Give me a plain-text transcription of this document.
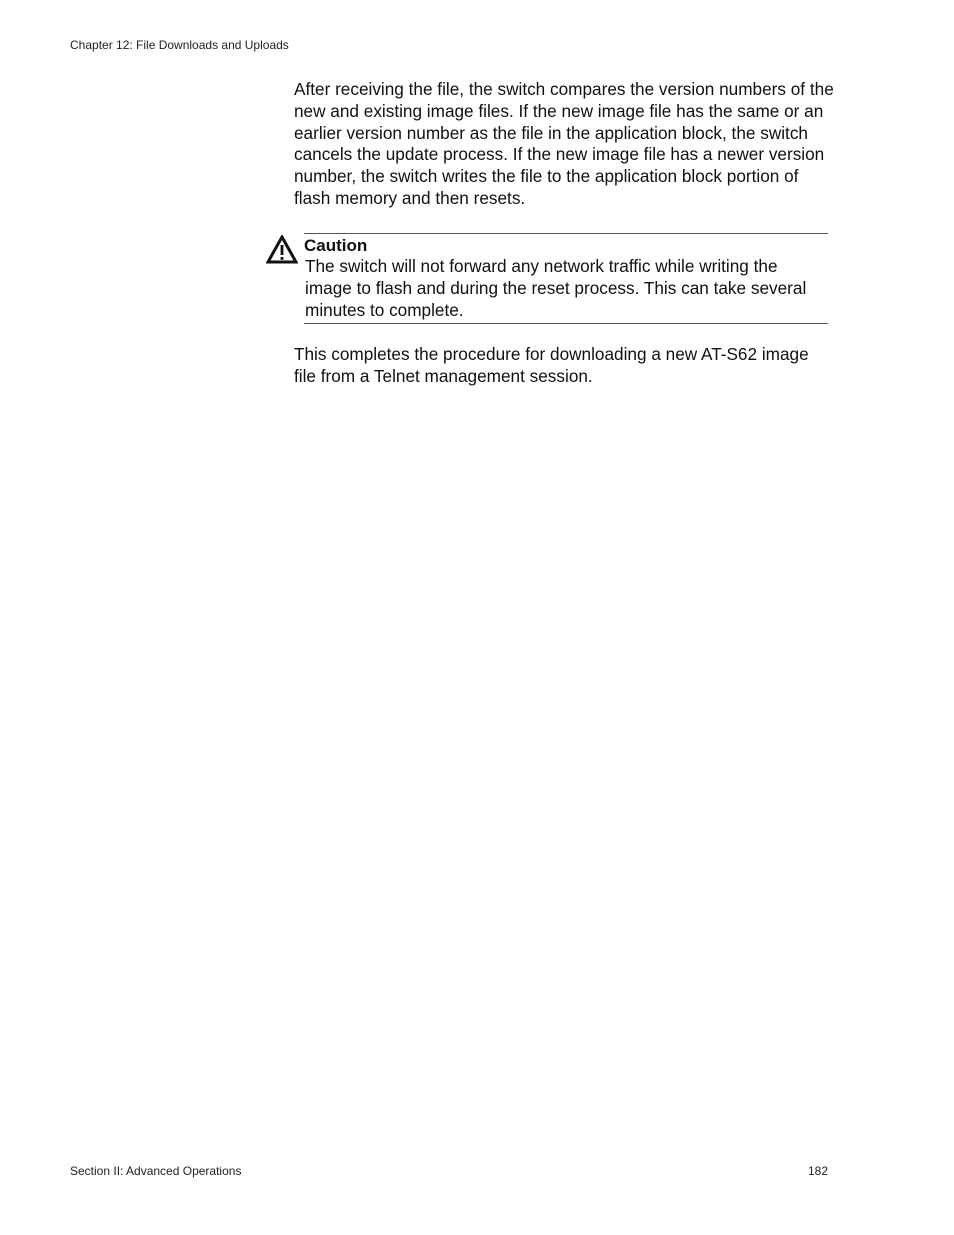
Chapter 12: File Downloads and Uploads

After receiving the file, the switch compares the version numbers of the new and existing image files. If the new image file has the same or an earlier version number as the file in the application block, the switch cancels the update process. If the new image file has a newer version number, the switch writes the file to the application block portion of flash memory and then resets.

Caution
The switch will not forward any network traffic while writing the image to flash and during the reset process. This can take several minutes to complete.

This completes the procedure for downloading a new AT-S62 image file from a Telnet management session.

Section II: Advanced Operations	182
